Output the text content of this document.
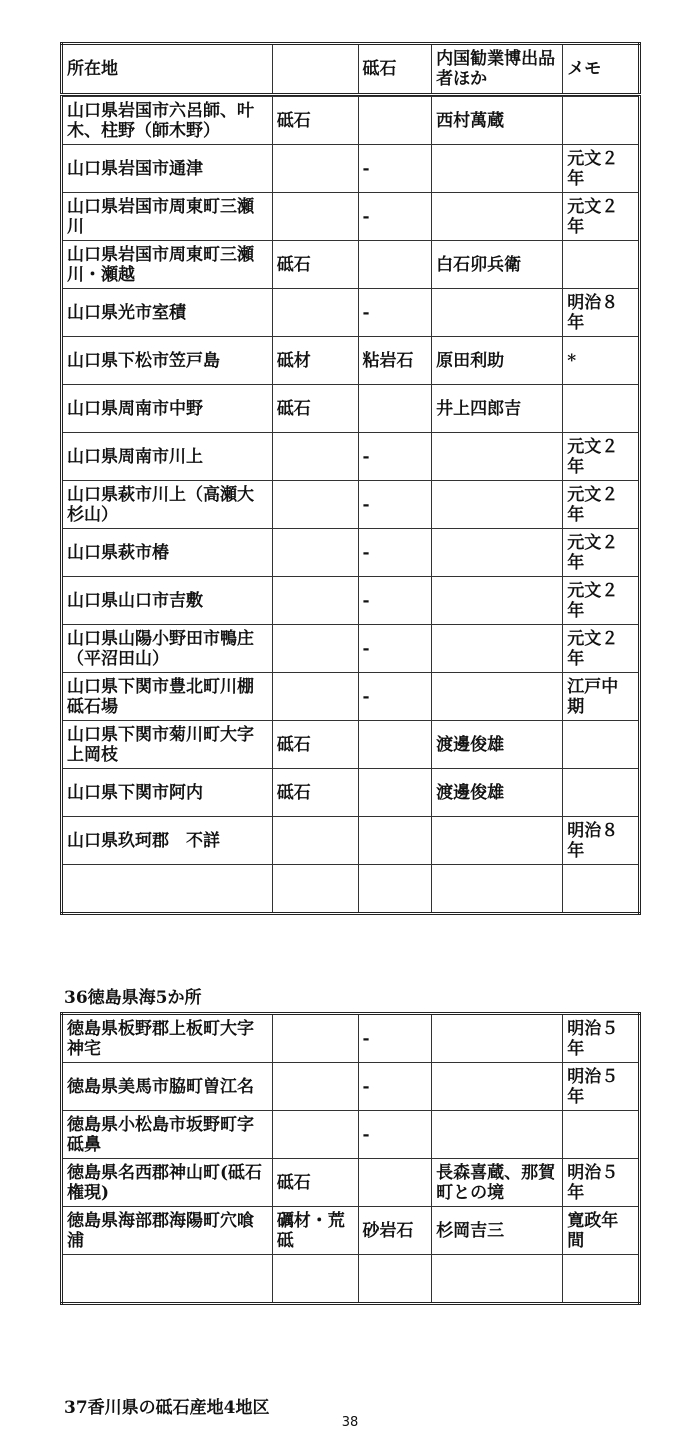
所在地		砥石	内国勧業博出品者ほか	メモ

山口県岩国市六呂師、叶木、柱野（師木野）	砥石		西村萬蔵	
山口県岩国市通津		-		元文２年
山口県岩国市周東町三瀬川		-		元文２年
山口県岩国市周東町三瀬川・瀬越	砥石		白石卯兵衛	
山口県光市室積		-		明治８年
山口県下松市笠戸島	砥材	粘岩石	原田利助	*
山口県周南市中野	砥石		井上四郎吉	
山口県周南市川上		-		元文２年
山口県萩市川上（高瀬大杉山）		-		元文２年
山口県萩市椿		-		元文２年
山口県山口市吉敷		-		元文２年
山口県山陽小野田市鴨庄（平沼田山）		-		元文２年
山口県下関市豊北町川棚砥石場		-		江戸中期
山口県下関市菊川町大字上岡枝	砥石		渡邊俊雄	
山口県下関市阿内	砥石		渡邊俊雄	
山口県玖珂郡　不詳				明治８年

36徳島県海5か所
徳島県板野郡上板町大字神宅		-		明治５年
徳島県美馬市脇町曽江名		-		明治５年
徳島県小松島市坂野町字砥鼻		-		
徳島県名西郡神山町(砥石権現)	砥石		長森喜蔵、那賀町との境	明治５年
徳島県海部郡海陽町穴喰浦	礪材・荒砥	砂岩石	杉岡吉三	寛政年間

37香川県の砥石産地4地区
38
